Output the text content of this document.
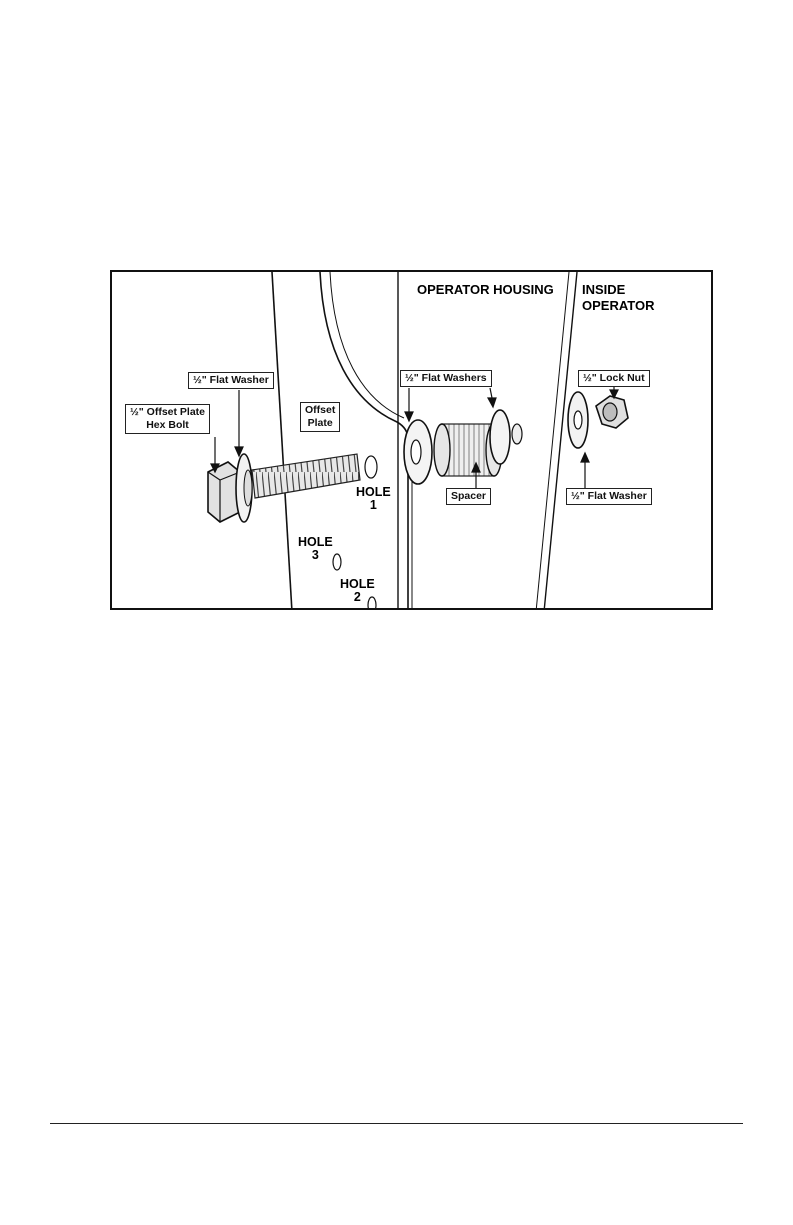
OPERATOR HOUSING INSIDE
OPERATOR
½" Flat Washer
½" Offset Plate
Hex Bolt
Offset
Plate
½" Flat Washers
Spacer
½" Lock Nut
½" Flat Washer
HOLE
1
HOLE
3
HOLE
2
